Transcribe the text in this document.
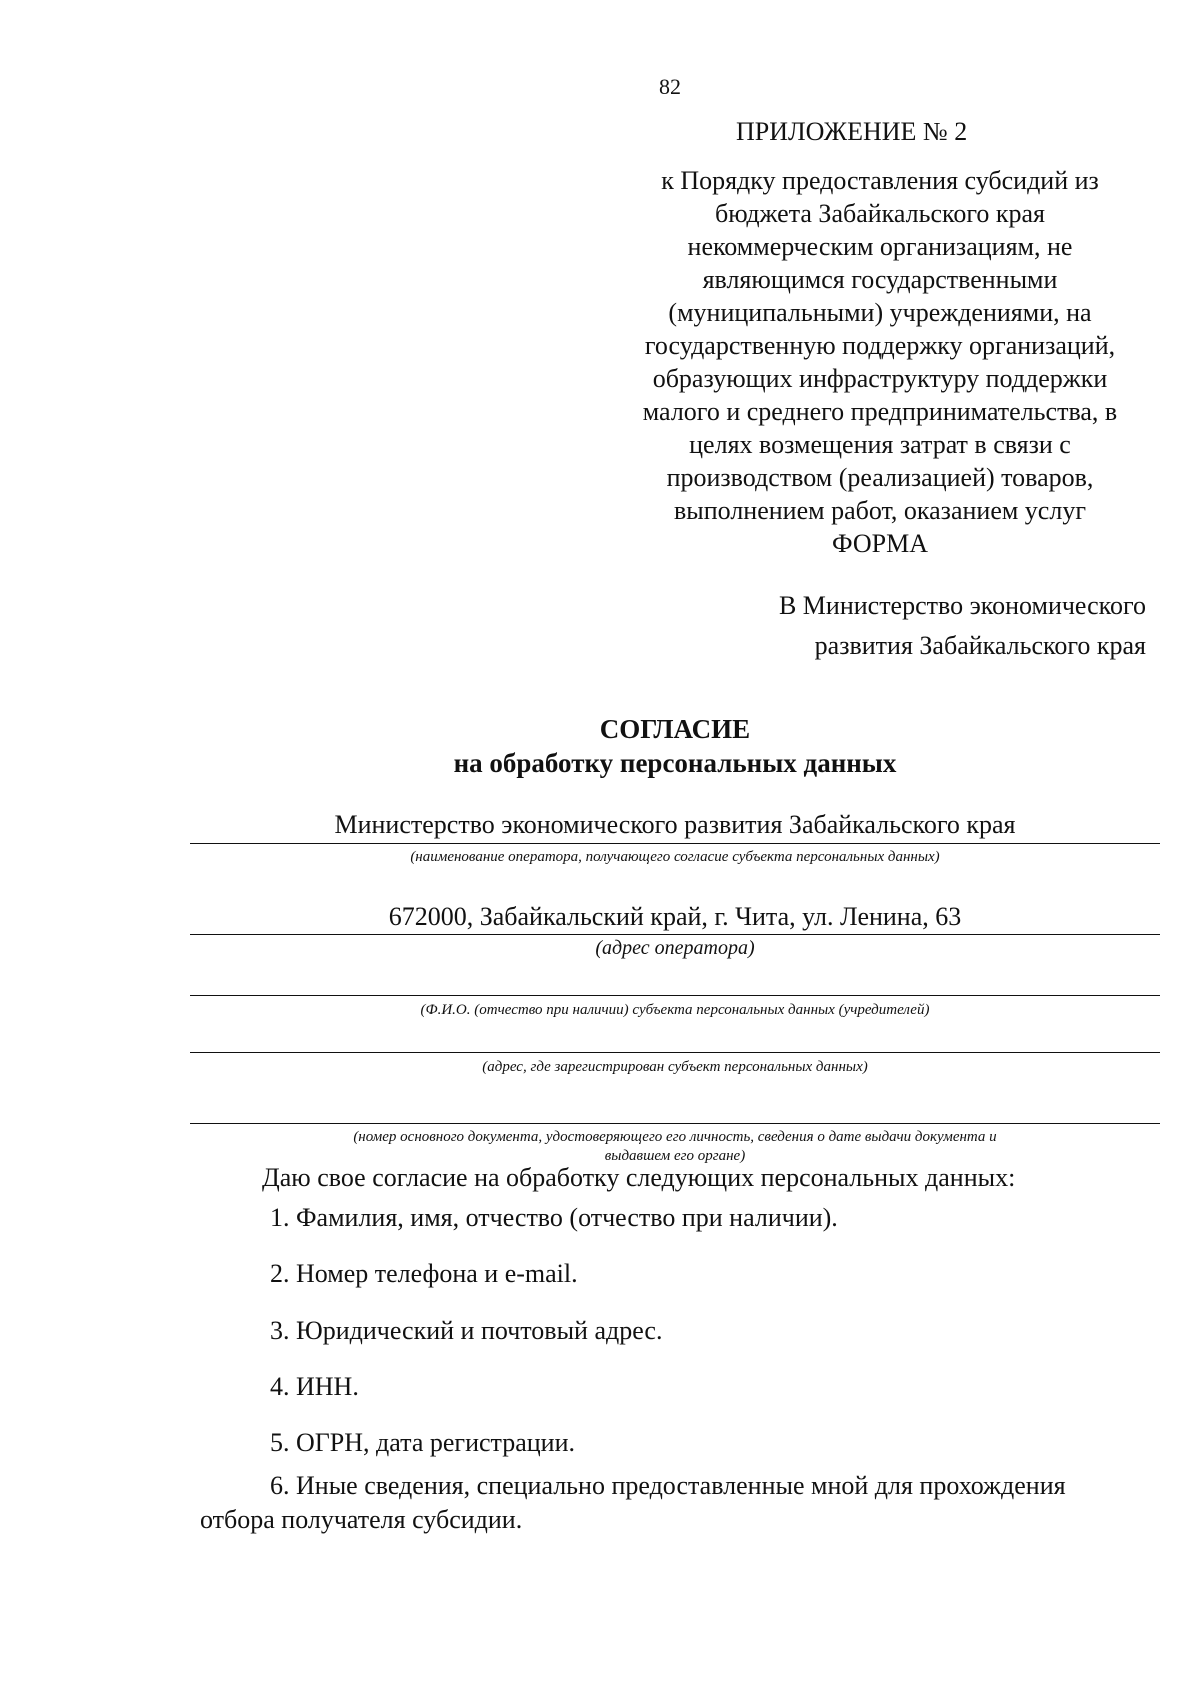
82
ПРИЛОЖЕНИЕ № 2
к Порядку предоставления субсидий из
бюджета Забайкальского края
некоммерческим организациям, не
являющимся государственными
(муниципальными) учреждениями, на
государственную поддержку организаций,
образующих инфраструктуру поддержки
малого и среднего предпринимательства, в
целях возмещения затрат в связи с
производством (реализацией) товаров,
выполнением работ, оказанием услуг
ФОРМА
В Министерство экономического
развития Забайкальского края
СОГЛАСИЕ
на обработку персональных данных
Министерство экономического развития Забайкальского края
(наименование оператора, получающего согласие субъекта персональных данных)
672000, Забайкальский край, г. Чита, ул. Ленина, 63
(адрес оператора)
(Ф.И.О. (отчество при наличии) субъекта персональных данных (учредителей)
(адрес, где зарегистрирован субъект персональных данных)
(номер основного документа, удостоверяющего его личность, сведения о дате выдачи документа и
выдавшем его органе)
Даю свое согласие на обработку следующих персональных данных:
1. Фамилия, имя, отчество (отчество при наличии).
2. Номер телефона и e-mail.
3. Юридический и почтовый адрес.
4. ИНН.
5. ОГРН, дата регистрации.
6. Иные сведения, специально предоставленные мной для прохождения отбора получателя субсидии.
